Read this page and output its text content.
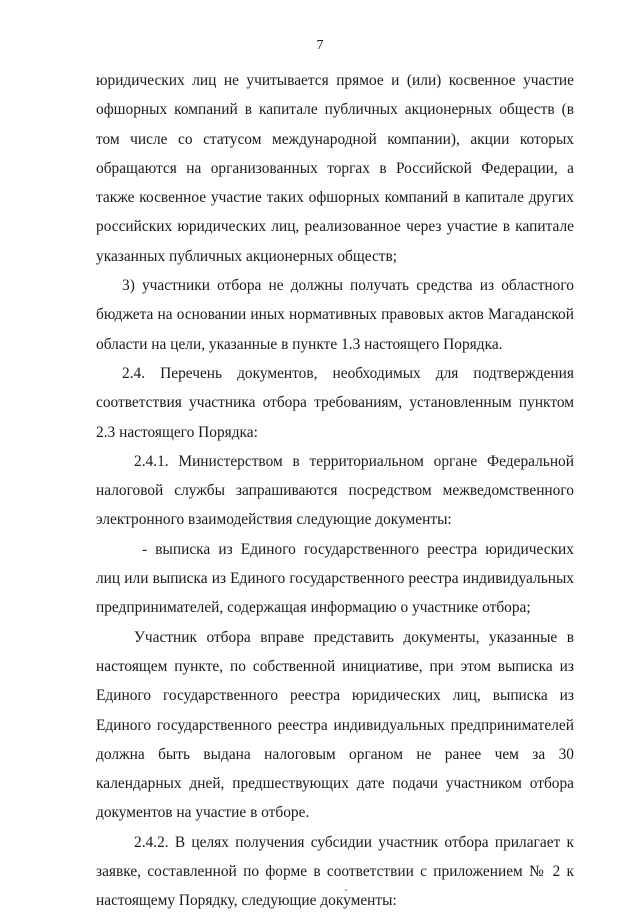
7

юридических лиц не учитывается прямое и (или) косвенное участие офшорных компаний в капитале публичных акционерных обществ (в том числе со статусом международной компании), акции которых обращаются на организованных торгах в Российской Федерации, а также косвенное участие таких офшорных компаний в капитале других российских юридических лиц, реализованное через участие в капитале указанных публичных акционерных обществ;

3) участники отбора не должны получать средства из областного бюджета на основании иных нормативных правовых актов Магаданской области на цели, указанные в пункте 1.3 настоящего Порядка.

2.4. Перечень документов, необходимых для подтверждения соответствия участника отбора требованиям, установленным пунктом 2.3 настоящего Порядка:

2.4.1. Министерством в территориальном органе Федеральной налоговой службы запрашиваются посредством межведомственного электронного взаимодействия следующие документы:

- выписка из Единого государственного реестра юридических лиц или выписка из Единого государственного реестра индивидуальных предпринимателей, содержащая информацию о участнике отбора;

Участник отбора вправе представить документы, указанные в настоящем пункте, по собственной инициативе, при этом выписка из Единого государственного реестра юридических лиц, выписка из Единого государственного реестра индивидуальных предпринимателей должна быть выдана налоговым органом не ранее чем за 30 календарных дней, предшествующих дате подачи участником отбора документов на участие в отборе.

2.4.2. В целях получения субсидии участник отбора прилагает к заявке, составленной по форме в соответствии с приложением № 2 к настоящему Порядку, следующие документы:
